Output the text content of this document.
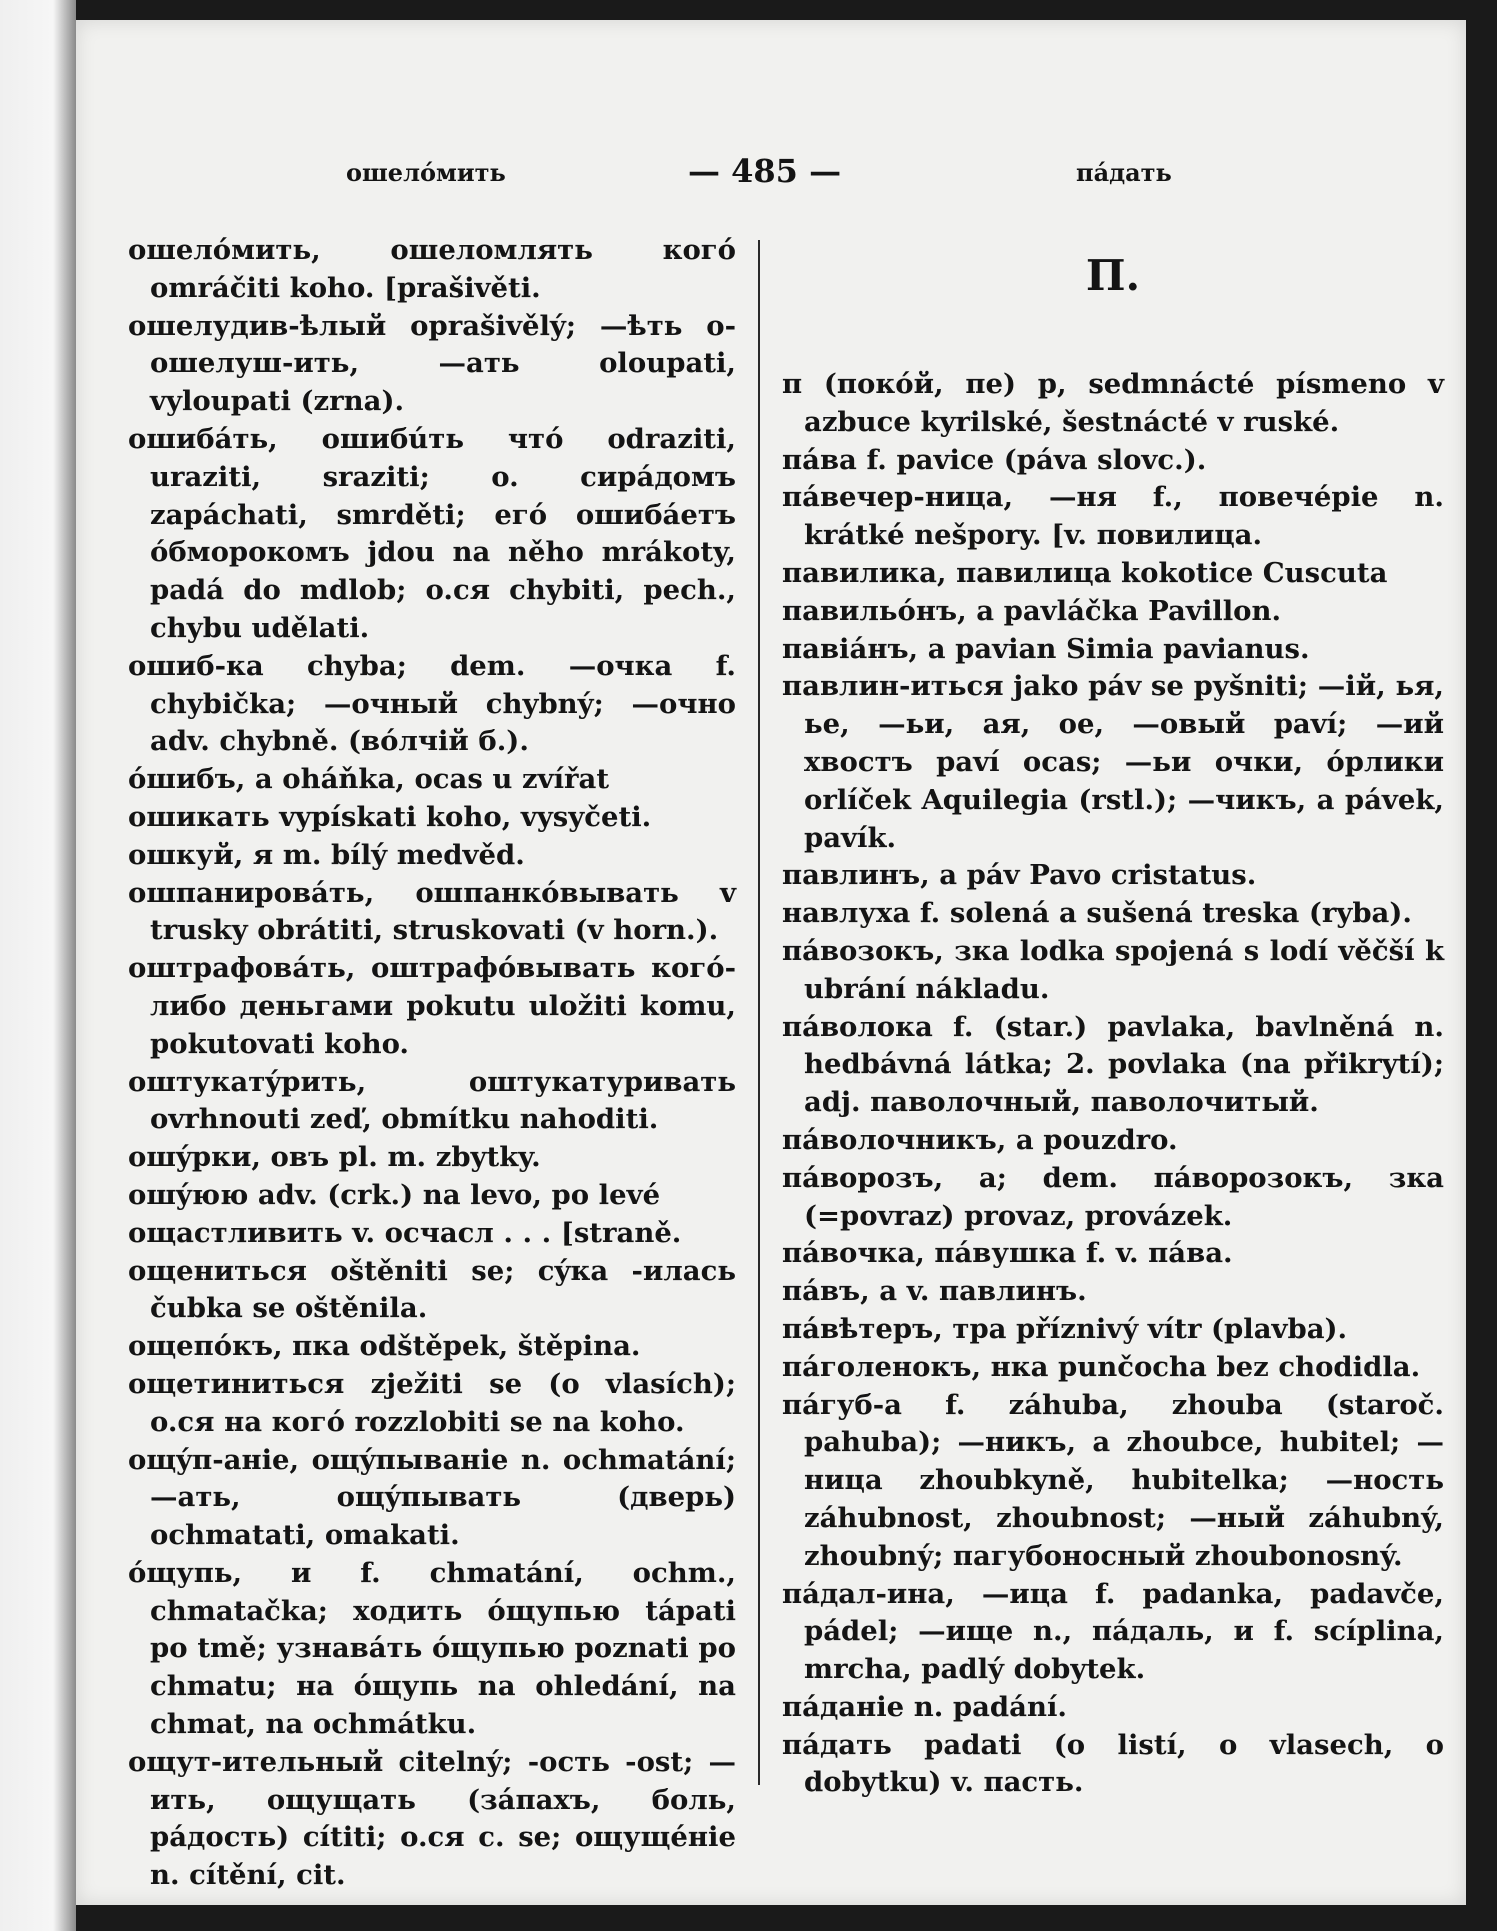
ошелóмить	— 485 —	пáдать

ошелóмить, ошеломлять когó omráčiti koho. [prašivěti.

ошелудив-ѣлый oprašivělý; —ѣть o-ошелуш-ить, —ать oloupati, vyloupati (zrna).

ошибáть, ошибúть чтó odraziti, uraziti, sraziti; o. сирáдомъ zapáchati, smrděti; егó ошибáетъ óбморокомъ jdou na něho mrákoty, padá do mdlob; o.ся chybiti, pech., chybu udělati.

ошиб-ка chyba; dem. —очка f. chybička; —очный chybný; —очно adv. chybně. (вóлчiй б.).

óшибъ, а oháňka, ocas u zvířat

ошикать vypískati koho, vysyčeti.

ошкуй, я m. bílý medvěd.

ошпанировáть, ошпанкóвывать v trusky obrátiti, struskovati (v horn.).

оштрафовáть, оштрафóвывать когó-либо деньгами pokutu uložiti komu, pokutovati koho.

оштукатýрить, оштукатуривать ovrhnouti zeď, obmítku nahoditi.

ошýрки, овъ pl. m. zbytky.

ошýюю adv. (crk.) na levo, po levé

ощастливить v. осчасл . . . [straně.

ощениться oštěniti se; сýка -илась čubka se oštěnila.

ощепóкъ, пка odštěpek, štěpina.

ощетиниться zježiti se (o vlasích); o.ся на когó rozzlobiti se na koho.

ощýп-аніе, ощýпываніе n. ochmatání; —ать, ощýпывать (дверь) ochmatati, omakati.

óщупь, и f. chmatání, ochm., chmatačka; ходить óщупью tápati po tmě; узнавáть óщупью poznati po chmatu; на óщупь na ohledání, na chmat, na ochmátku.

ощут-ительный citelný; -ость -ost; —ить, ощущать (зáпахъ, боль, рáдость) cítiti; o.ся c. se; ощущéніе n. cítění, cit.

П.

п (покóй, пе) p, sedmnácté písmeno v azbuce kyrilské, šestnácté v ruské.

пáва f. pavice (páva slovc.).

пáвечер-ница, —ня f., повечéріе n. krátké nešpory. [v. повилица.

павилика, павилица kokotice Cuscuta

павильóнъ, а pavláčka Pavillon.

павiáнъ, а pavian Simia pavianus.

павлин-иться jako páv se pyšniti; —ій, ья, ье, —ьи, ая, ое, —овый paví; —ий хвостъ paví ocas; —ьи очки, óрлики orlíček Aquilegia (rstl.); —чикъ, а pávek, pavík.

павлинъ, а páv Pavo cristatus.

навлуха f. solená a sušená treska (ryba).

пáвозокъ, зка lodka spojená s lodí věčší k ubrání nákladu.

пáволока f. (star.) pavlaka, bavlněná n. hedbávná látka; 2. povlaka (na přikrytí); adj. паволочный, паволочитый.

пáволочникъ, а pouzdro.

пáворозъ, а; dem. пáворозокъ, зка (=povraz) provaz, provázek.

пáвочка, пáвушка f. v. пáва.

пáвъ, а v. павлинъ.

пáвѣтеръ, тра příznivý vítr (plavba).

пáголенокъ, нка punčocha bez chodidla.

пáгуб-а f. záhuba, zhouba (staroč. pahuba); —никъ, а zhoubce, hubitel; —ница zhoubkyně, hubitelka; —ность záhubnost, zhoubnost; —ный záhubný, zhoubný; пагубоносный zhoubonosný.

пáдал-ина, —ица f. padanka, padavče, pádel; —ище n., пáдаль, и f. scíplina, mrcha, padlý dobytek.

пáданіе n. padání.

пáдать padati (o listí, o vlasech, o dobytku) v. пасть.
